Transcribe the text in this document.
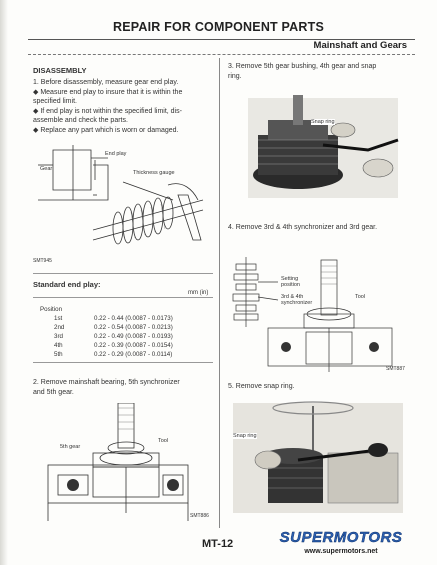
REPAIR FOR COMPONENT PARTS
Mainshaft and Gears
DISASSEMBLY
1. Before disassembly, measure gear end play.
◆ Measure end play to insure that it is within the
specified limit.
◆ If end play is not within the specified limit, dis-
assemble and check the parts.
◆ Replace any part which is worn or damaged.
End play
Gear
Thickness gauge
SMT945
Standard end play:
mm (in)
Position	
1st	0.22 - 0.44 (0.0087 - 0.0173)
2nd	0.22 - 0.54 (0.0087 - 0.0213)
3rd	0.22 - 0.49 (0.0087 - 0.0193)
4th	0.22 - 0.39 (0.0087 - 0.0154)
5th	0.22 - 0.29 (0.0087 - 0.0114)
2. Remove mainshaft bearing, 5th synchronizer
and 5th gear.
5th gear
Tool
SMT886
3. Remove 5th gear bushing, 4th gear and snap
ring.
Snap ring
4. Remove 3rd & 4th synchronizer and 3rd gear.
Setting
position
3rd & 4th
synchronizer
Tool
SMT887
5. Remove snap ring.
Snap ring
MT-12	SUPERMOTORS
www.supermotors.net
